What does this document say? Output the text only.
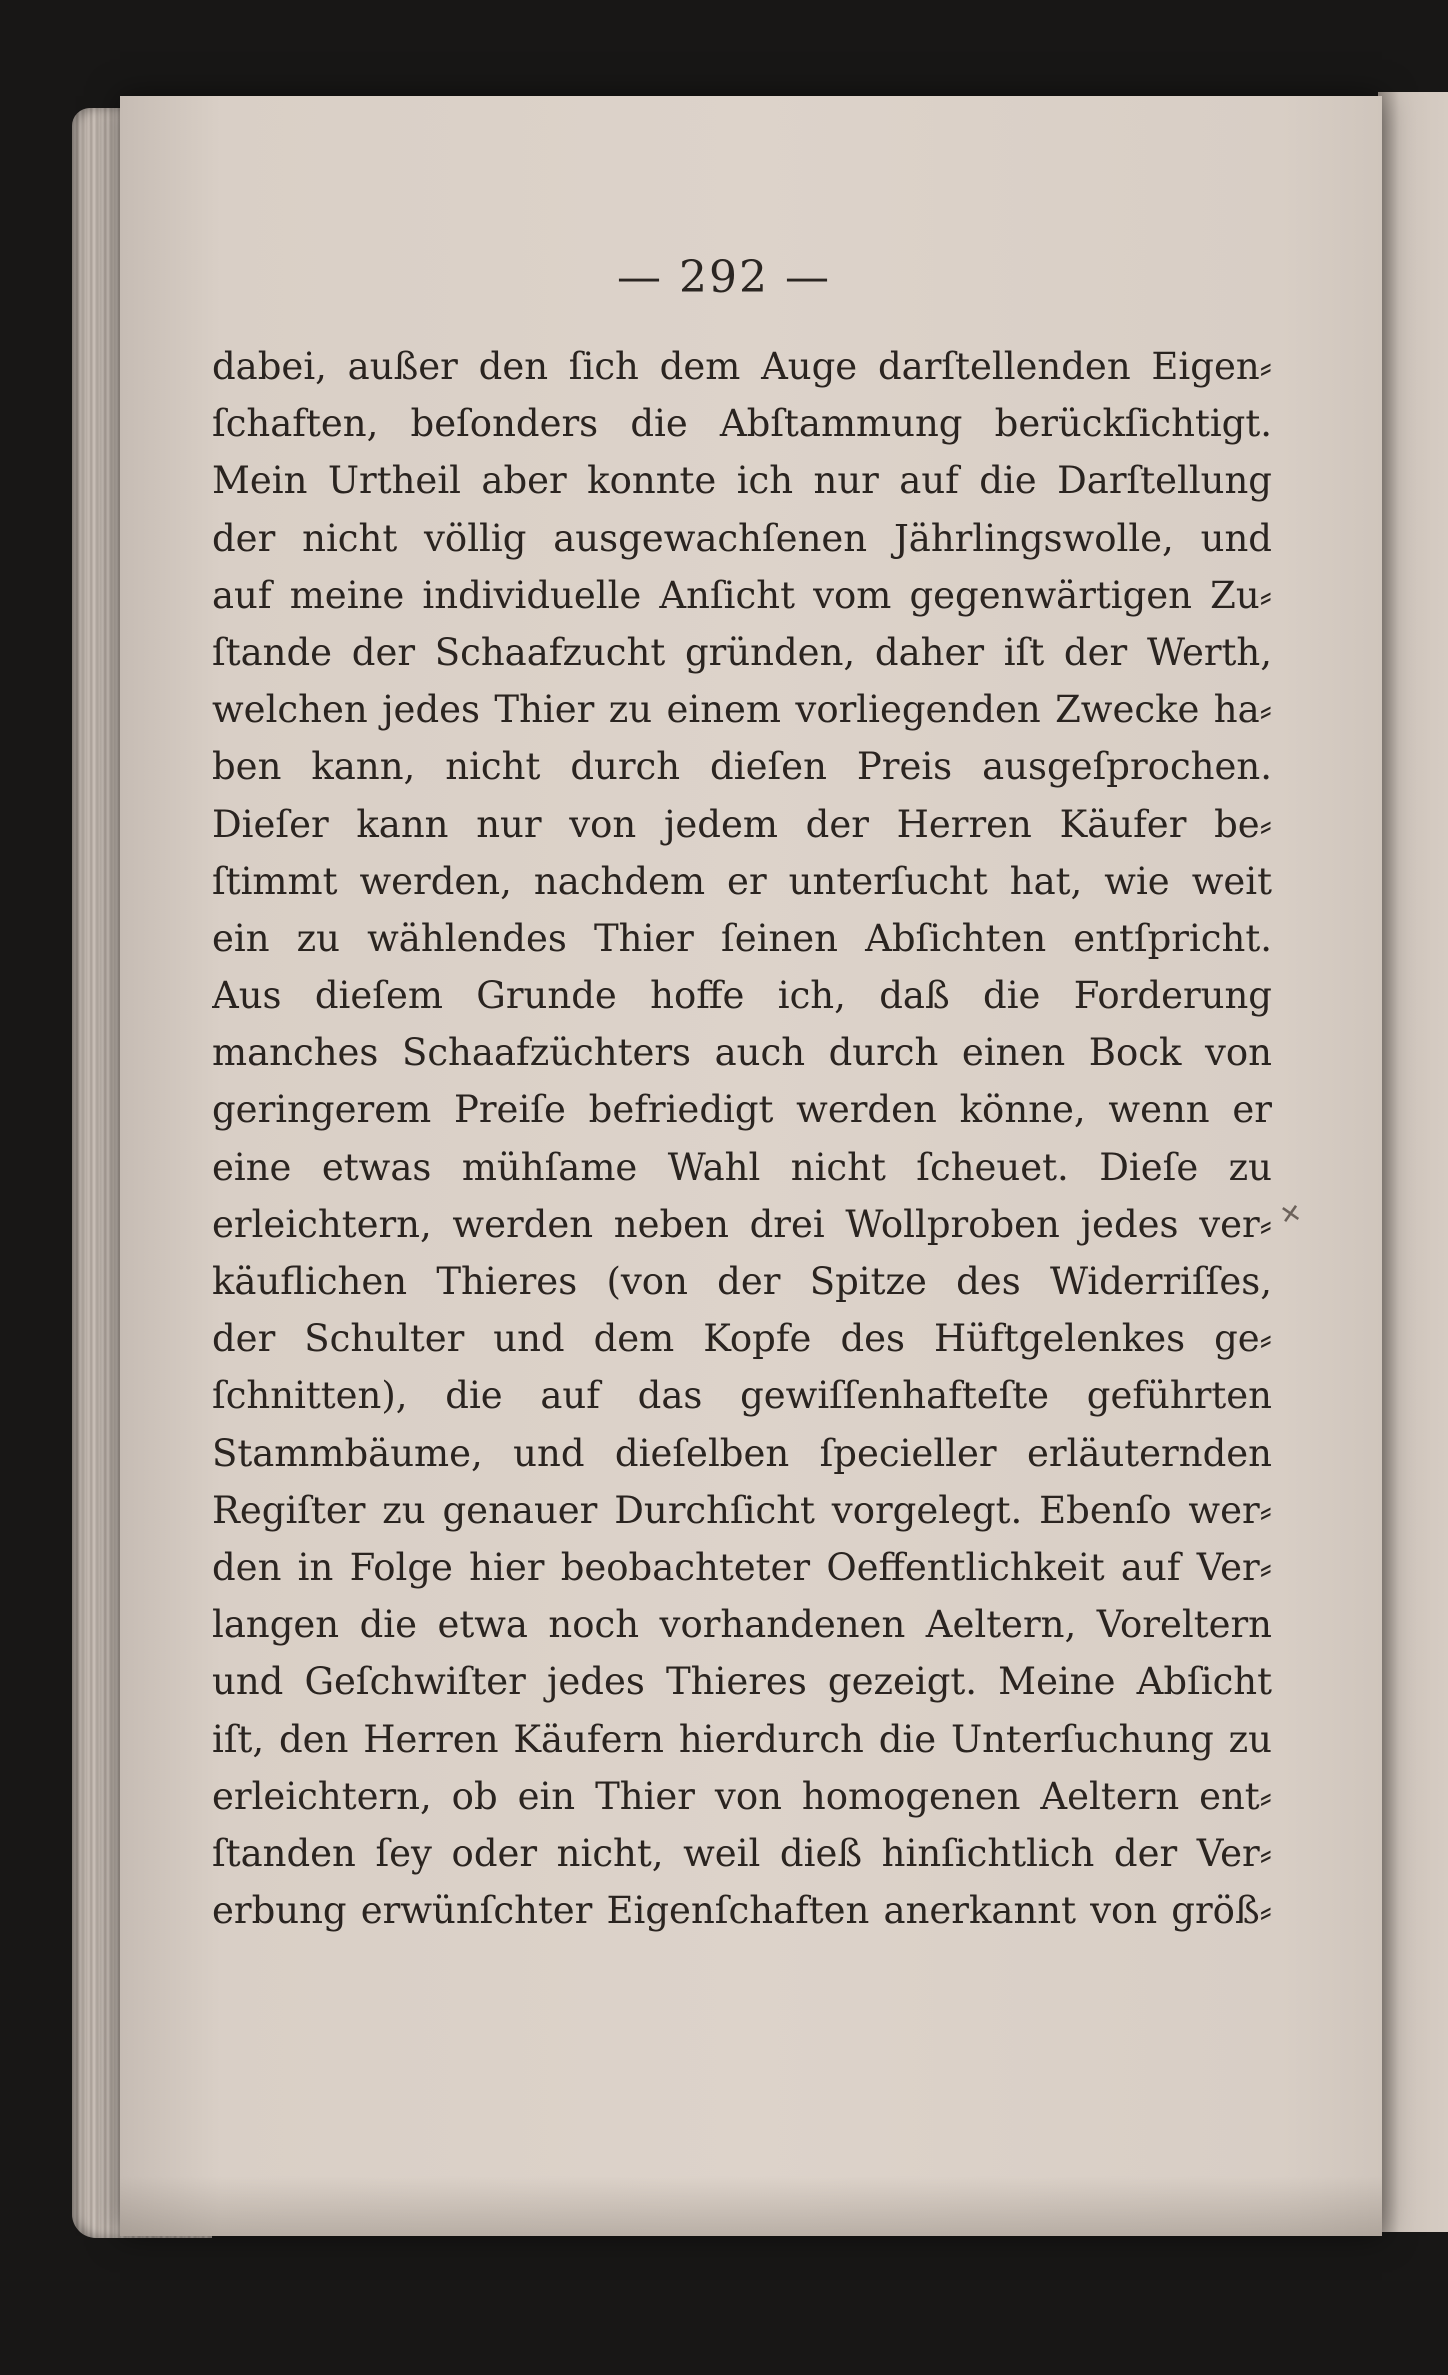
— 292 —
dabei, außer den ſich dem Auge darſtellenden Eigen⸗
ſchaften, beſonders die Abſtammung berückſichtigt.
Mein Urtheil aber konnte ich nur auf die Darſtellung
der nicht völlig ausgewachſenen Jährlingswolle, und
auf meine individuelle Anſicht vom gegenwärtigen Zu⸗
ſtande der Schaafzucht gründen, daher iſt der Werth,
welchen jedes Thier zu einem vorliegenden Zwecke ha⸗
ben kann, nicht durch dieſen Preis ausgeſprochen.
Dieſer kann nur von jedem der Herren Käufer be⸗
ſtimmt werden, nachdem er unterſucht hat, wie weit
ein zu wählendes Thier ſeinen Abſichten entſpricht.
Aus dieſem Grunde hoffe ich, daß die Forderung
manches Schaafzüchters auch durch einen Bock von
geringerem Preiſe befriedigt werden könne, wenn er
eine etwas mühſame Wahl nicht ſcheuet. Dieſe zu
erleichtern, werden neben drei Wollproben jedes ver⸗
käuflichen Thieres (von der Spitze des Widerriſſes,
der Schulter und dem Kopfe des Hüftgelenkes ge⸗
ſchnitten), die auf das gewiſſenhafteſte geführten
Stammbäume, und dieſelben ſpecieller erläuternden
Regiſter zu genauer Durchſicht vorgelegt. Ebenſo wer⸗
den in Folge hier beobachteter Oeffentlichkeit auf Ver⸗
langen die etwa noch vorhandenen Aeltern, Voreltern
und Geſchwiſter jedes Thieres gezeigt. Meine Abſicht
iſt, den Herren Käufern hierdurch die Unterſuchung zu
erleichtern, ob ein Thier von homogenen Aeltern ent⸗
ſtanden ſey oder nicht, weil dieß hinſichtlich der Ver⸗
erbung erwünſchter Eigenſchaften anerkannt von größ⸗
✕
